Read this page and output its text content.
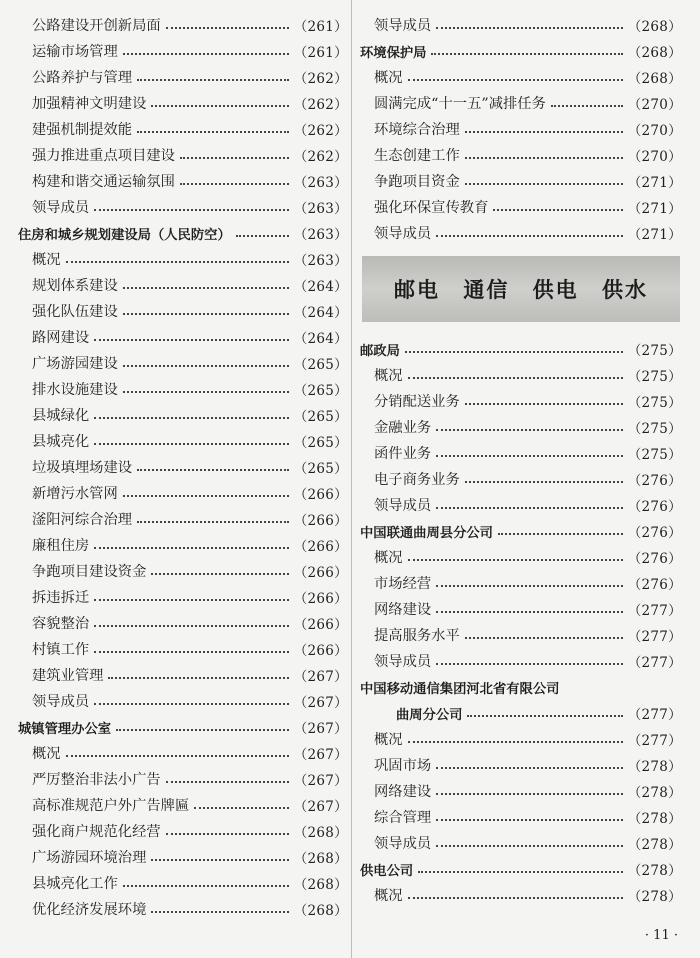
公路建设开创新局面	（261）
运输市场管理	（261）
公路养护与管理	（262）
加强精神文明建设	（262）
建强机制提效能	（262）
强力推进重点项目建设	（262）
构建和谐交通运输氛围	（263）
领导成员	（263）
住房和城乡规划建设局（人民防空）	（263）
概况	（263）
规划体系建设	（264）
强化队伍建设	（264）
路网建设	（264）
广场游园建设	（265）
排水设施建设	（265）
县城绿化	（265）
县城亮化	（265）
垃圾填埋场建设	（265）
新增污水管网	（266）
滏阳河综合治理	（266）
廉租住房	（266）
争跑项目建设资金	（266）
拆违拆迁	（266）
容貌整治	（266）
村镇工作	（266）
建筑业管理	（267）
领导成员	（267）
城镇管理办公室	（267）
概况	（267）
严厉整治非法小广告	（267）
高标准规范户外广告牌匾	（267）
强化商户规范化经营	（268）
广场游园环境治理	（268）
县城亮化工作	（268）
优化经济发展环境	（268）
领导成员	（268）
环境保护局	（268）
概况	（268）
圆满完成“十一五”减排任务	（270）
环境综合治理	（270）
生态创建工作	（270）
争跑项目资金	（271）
强化环保宣传教育	（271）
领导成员	（271）
邮电 通信 供电 供水
邮政局	（275）
概况	（275）
分销配送业务	（275）
金融业务	（275）
函件业务	（275）
电子商务业务	（276）
领导成员	（276）
中国联通曲周县分公司	（276）
概况	（276）
市场经营	（276）
网络建设	（277）
提高服务水平	（277）
领导成员	（277）
中国移动通信集团河北省有限公司
曲周分公司	（277）
概况	（277）
巩固市场	（278）
网络建设	（278）
综合管理	（278）
领导成员	（278）
供电公司	（278）
概况	（278）
· 11 ·
